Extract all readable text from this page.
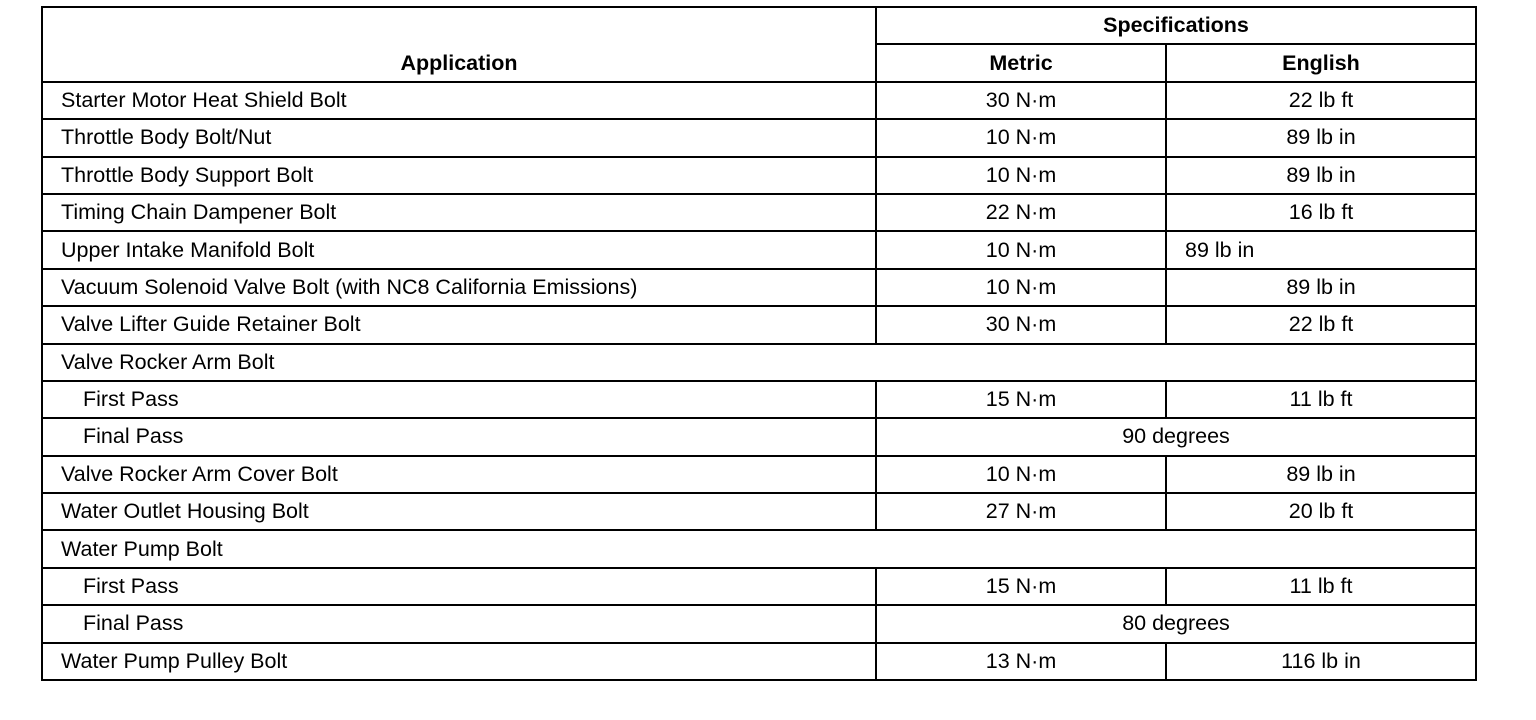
Application	Specifications	
	Metric	English
Starter Motor Heat Shield Bolt	30 N·m	22 lb ft
Throttle Body Bolt/Nut	10 N·m	89 lb in
Throttle Body Support Bolt	10 N·m	89 lb in
Timing Chain Dampener Bolt	22 N·m	16 lb ft
Upper Intake Manifold Bolt	10 N·m	89 lb in
Vacuum Solenoid Valve Bolt (with NC8 California Emissions)	10 N·m	89 lb in
Valve Lifter Guide Retainer Bolt	30 N·m	22 lb ft
Valve Rocker Arm Bolt		
First Pass	15 N·m	11 lb ft
Final Pass	90 degrees	
Valve Rocker Arm Cover Bolt	10 N·m	89 lb in
Water Outlet Housing Bolt	27 N·m	20 lb ft
Water Pump Bolt		
First Pass	15 N·m	11 lb ft
Final Pass	80 degrees	
Water Pump Pulley Bolt	13 N·m	116 lb in
